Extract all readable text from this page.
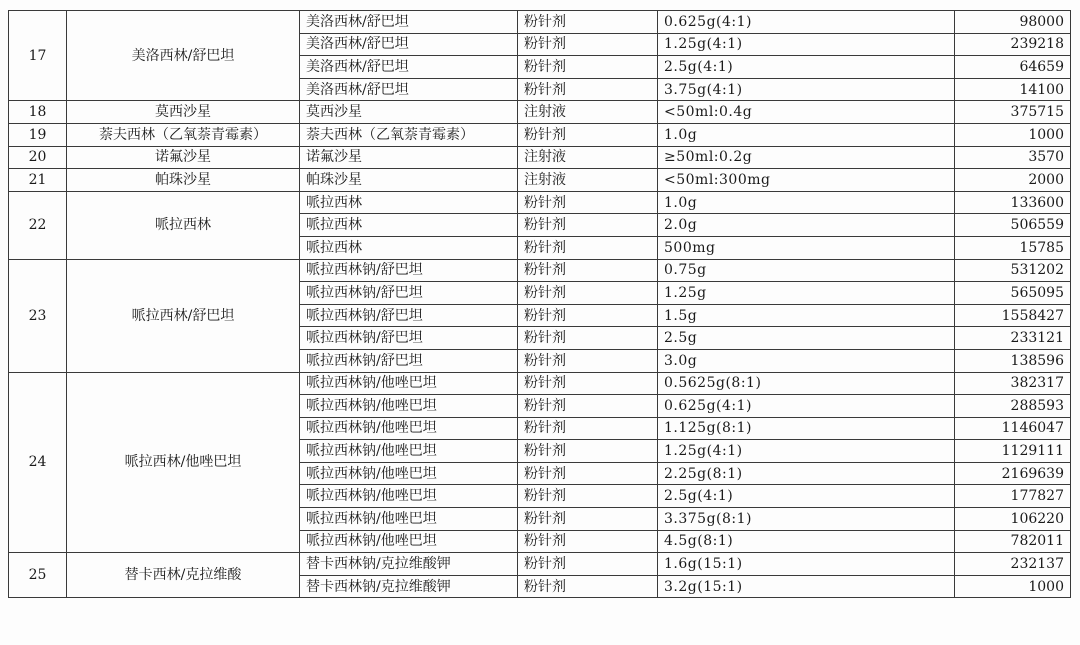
17	美洛西林/舒巴坦	美洛西林/舒巴坦	粉针剂	0.625g(4:1)	98000
		美洛西林/舒巴坦	粉针剂	1.25g(4:1)	239218
		美洛西林/舒巴坦	粉针剂	2.5g(4:1)	64659
		美洛西林/舒巴坦	粉针剂	3.75g(4:1)	14100
18	莫西沙星	莫西沙星	注射液	<50ml:0.4g	375715
19	萘夫西林（乙氧萘青霉素）	萘夫西林（乙氧萘青霉素）	粉针剂	1.0g	1000
20	诺氟沙星	诺氟沙星	注射液	≥50ml:0.2g	3570
21	帕珠沙星	帕珠沙星	注射液	<50ml:300mg	2000
22	哌拉西林	哌拉西林	粉针剂	1.0g	133600
		哌拉西林	粉针剂	2.0g	506559
		哌拉西林	粉针剂	500mg	15785
23	哌拉西林/舒巴坦	哌拉西林钠/舒巴坦	粉针剂	0.75g	531202
		哌拉西林钠/舒巴坦	粉针剂	1.25g	565095
		哌拉西林钠/舒巴坦	粉针剂	1.5g	1558427
		哌拉西林钠/舒巴坦	粉针剂	2.5g	233121
		哌拉西林钠/舒巴坦	粉针剂	3.0g	138596
24	哌拉西林/他唑巴坦	哌拉西林钠/他唑巴坦	粉针剂	0.5625g(8:1)	382317
		哌拉西林钠/他唑巴坦	粉针剂	0.625g(4:1)	288593
		哌拉西林钠/他唑巴坦	粉针剂	1.125g(8:1)	1146047
		哌拉西林钠/他唑巴坦	粉针剂	1.25g(4:1)	1129111
		哌拉西林钠/他唑巴坦	粉针剂	2.25g(8:1)	2169639
		哌拉西林钠/他唑巴坦	粉针剂	2.5g(4:1)	177827
		哌拉西林钠/他唑巴坦	粉针剂	3.375g(8:1)	106220
		哌拉西林钠/他唑巴坦	粉针剂	4.5g(8:1)	782011
25	替卡西林/克拉维酸	替卡西林钠/克拉维酸钾	粉针剂	1.6g(15:1)	232137
		替卡西林钠/克拉维酸钾	粉针剂	3.2g(15:1)	1000
